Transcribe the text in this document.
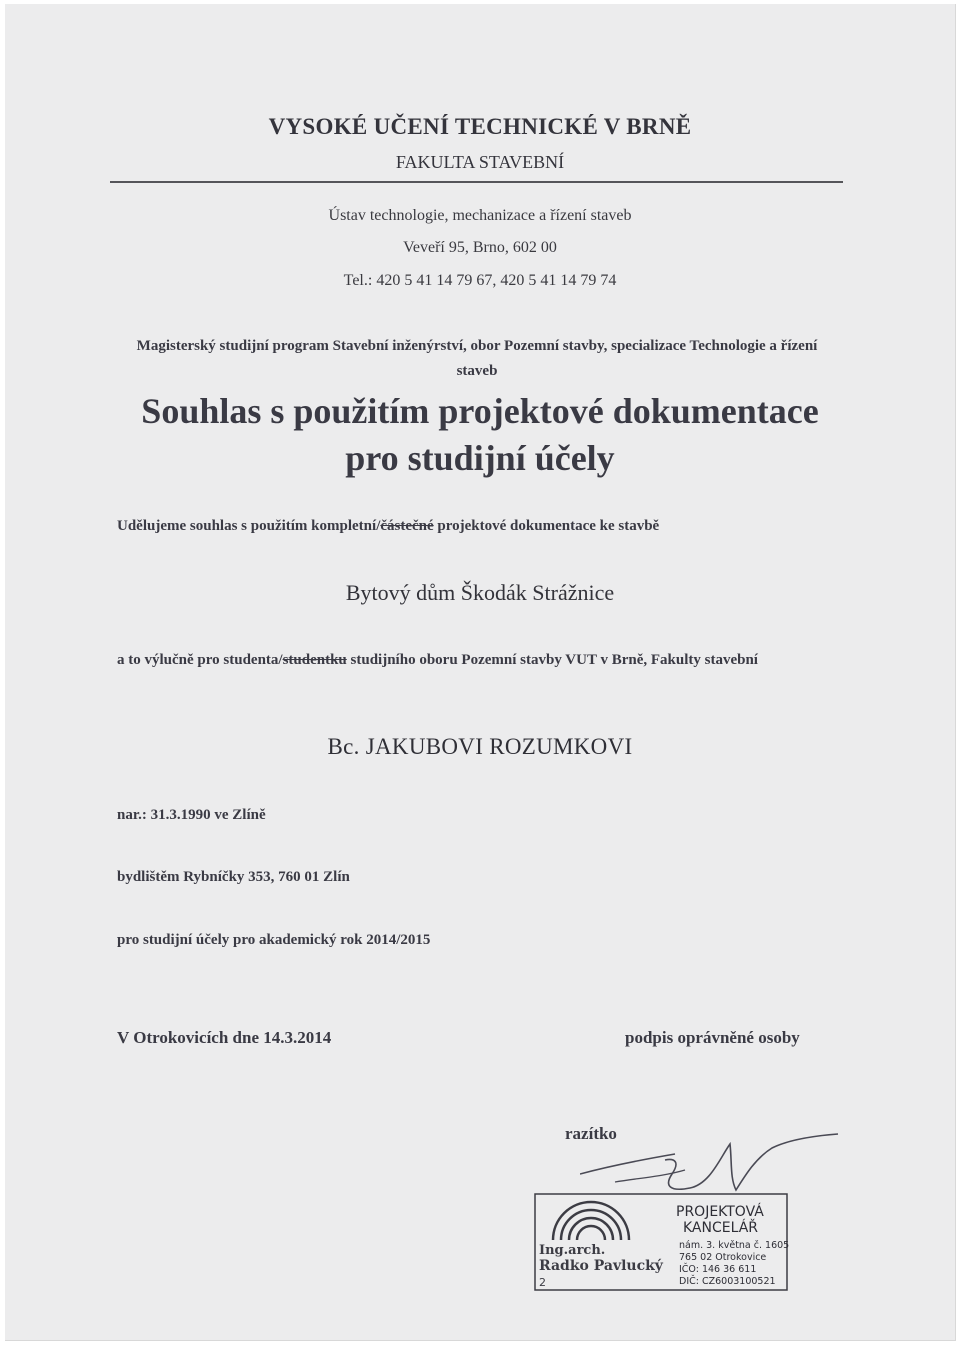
VYSOKÉ UČENÍ TECHNICKÉ V BRNĚ
FAKULTA STAVEBNÍ
Ústav technologie, mechanizace a řízení staveb
Veveří 95, Brno, 602 00
Tel.: 420 5 41 14 79 67, 420 5 41 14 79 74
Magisterský studijní program Stavební inženýrství, obor Pozemní stavby, specializace Technologie a řízení staveb
Souhlas s použitím projektové dokumentace
pro studijní účely
Udělujeme souhlas s použitím kompletní/částečné projektové dokumentace ke stavbě
Bytový dům Škodák Strážnice
a to výlučně pro studenta/studentku studijního oboru Pozemní stavby VUT v Brně, Fakulty stavební
Bc. JAKUBOVI ROZUMKOVI
nar.: 31.3.1990 ve Zlíně
bydlištěm Rybníčky 353, 760 01 Zlín
pro studijní účely pro akademický rok 2014/2015
V Otrokovicích dne 14.3.2014	podpis oprávněné osoby
razítko
Ing.arch.
Radko Pavlucký
2
PROJEKTOVÁ
KANCELÁŘ
nám. 3. května č. 1605
765 02 Otrokovice
IČO: 146 36 611
DIČ: CZ6003100521
